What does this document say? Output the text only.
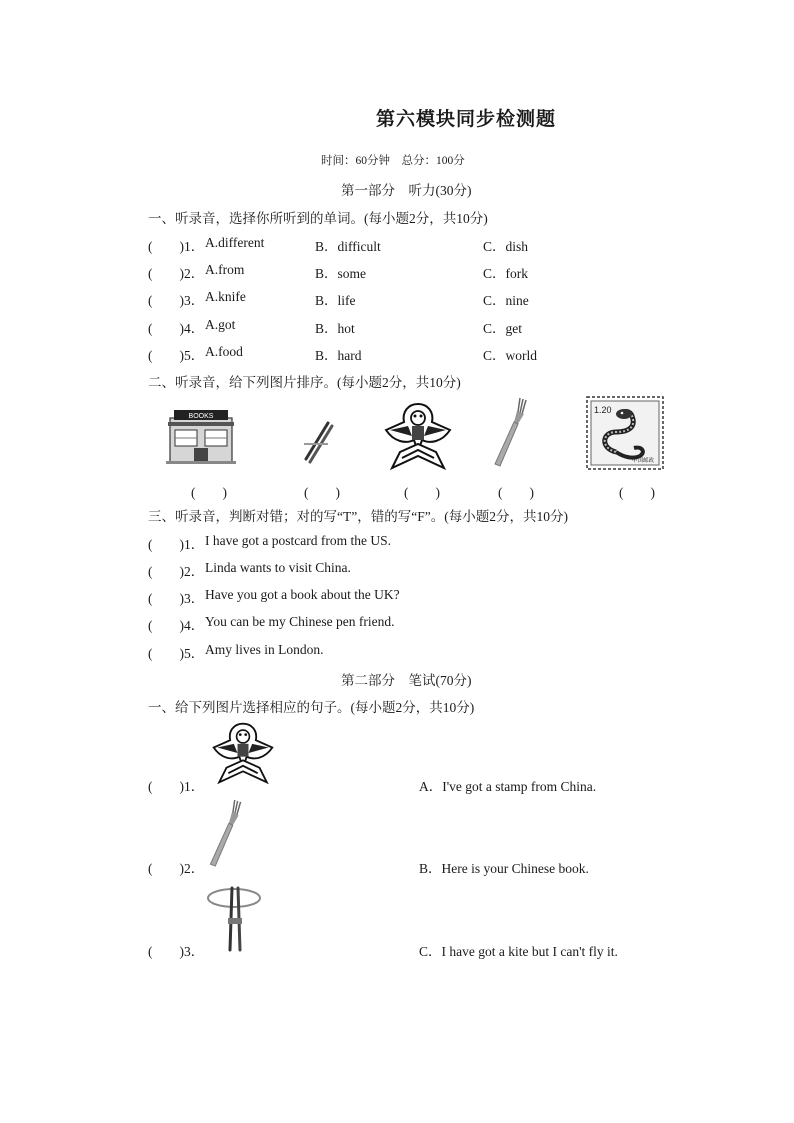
第六模块同步检测题
时间：60分钟　总分：100分
第一部分　听力(30分)
一、听录音，选择你所听到的单词。(每小题2分，共10分)
(　　)1． A.different	B．difficult	C．dish
(　　)2． A.from	B．some	C．fork
(　　)3． A.knife	B．life	C．nine
(　　)4． A.got	B．hot	C．get
(　　)5． A.food	B．hard	C．world
二、听录音，给下列图片排序。(每小题2分，共10分)
BOOKS
1.20
中国邮政
(　　)	(　　)	(　　)	(　　)	(　　)
三、听录音，判断对错；对的写“T”，错的写“F”。(每小题2分，共10分)
(　　)1． I have got a postcard from the US.
(　　)2． Linda wants to visit China.
(　　)3． Have you got a book about the UK?
(　　)4． You can be my Chinese pen friend.
(　　)5． Amy lives in London.
第二部分　笔试(70分)
一、给下列图片选择相应的句子。(每小题2分，共10分)
(　　)1．	A．I've got a stamp from China.
(　　)2．	B．Here is your Chinese book.
(　　)3．	C．I have got a kite but I can't fly it.
